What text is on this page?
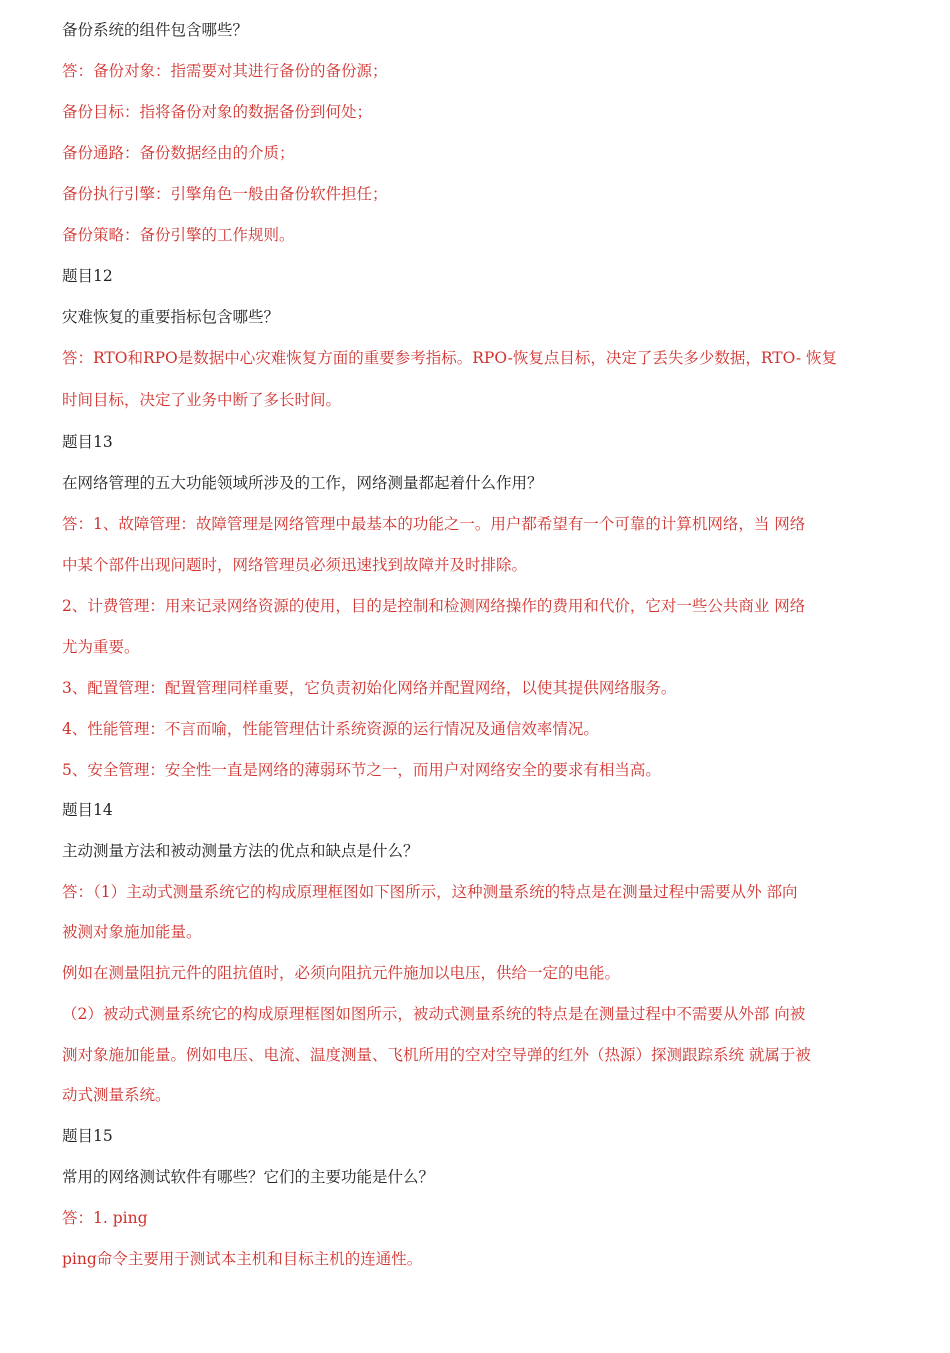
备份系统的组件包含哪些？
答：备份对象：指需要对其进行备份的备份源；
备份目标：指将备份对象的数据备份到何处；
备份通路：备份数据经由的介质；
备份执行引擎：引擎角色一般由备份软件担任；
备份策略：备份引擎的工作规则。
题目12
灾难恢复的重要指标包含哪些？
答：RTO和RPO是数据中心灾难恢复方面的重要参考指标。RPO-恢复点目标，决定了丢失多少数据，RTO- 恢复
时间目标，决定了业务中断了多长时间。
题目13
在网络管理的五大功能领域所涉及的工作，网络测量都起着什么作用？
答：1、故障管理：故障管理是网络管理中最基本的功能之一。用户都希望有一个可靠的计算机网络，当 网络
中某个部件出现问题时，网络管理员必须迅速找到故障并及时排除。
2、计费管理：用来记录网络资源的使用，目的是控制和检测网络操作的费用和代价，它对一些公共商业 网络
尤为重要。
3、配置管理：配置管理同样重要，它负责初始化网络并配置网络，以使其提供网络服务。
4、性能管理：不言而喻，性能管理估计系统资源的运行情况及通信效率情况。
5、安全管理：安全性一直是网络的薄弱环节之一，而用户对网络安全的要求有相当高。
题目14
主动测量方法和被动测量方法的优点和缺点是什么？
答：（1）主动式测量系统它的构成原理框图如下图所示，这种测量系统的特点是在测量过程中需要从外 部向
被测对象施加能量。
例如在测量阻抗元件的阻抗值时，必须向阻抗元件施加以电压，供给一定的电能。
（2）被动式测量系统它的构成原理框图如图所示，被动式测量系统的特点是在测量过程中不需要从外部 向被
测对象施加能量。例如电压、电流、温度测量、飞机所用的空对空导弹的红外（热源）探测跟踪系统 就属于被
动式测量系统。
题目15
常用的网络测试软件有哪些？它们的主要功能是什么？
答：1. ping
ping命令主要用于测试本主机和目标主机的连通性。
